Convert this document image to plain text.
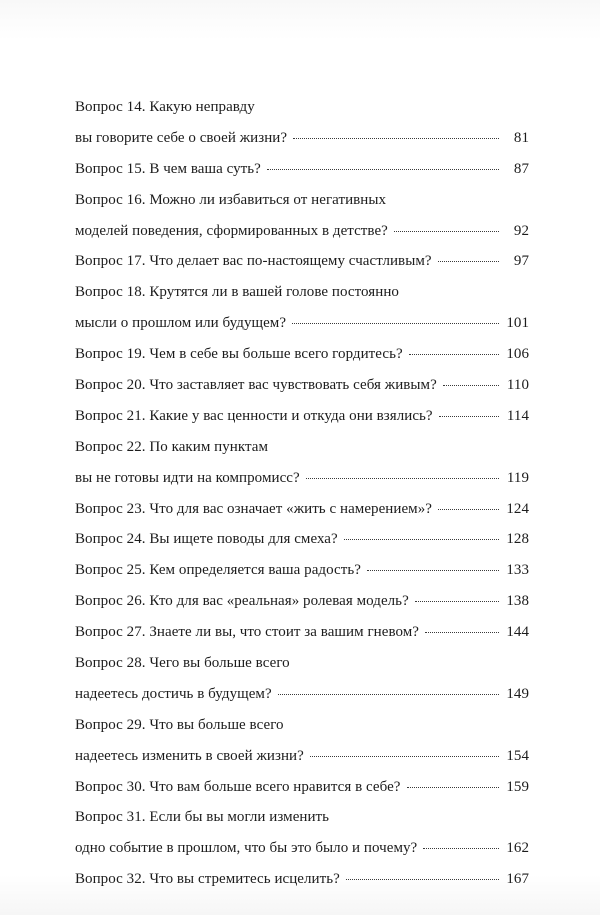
Вопрос 14. Какую неправду
вы говорите себе о своей жизни?	81
Вопрос 15. В чем ваша суть?	87
Вопрос 16. Можно ли избавиться от негативных
моделей поведения, сформированных в детстве?	92
Вопрос 17. Что делает вас по-настоящему счастливым?	97
Вопрос 18. Крутятся ли в вашей голове постоянно
мысли о прошлом или будущем?	101
Вопрос 19. Чем в себе вы больше всего гордитесь?	106
Вопрос 20. Что заставляет вас чувствовать себя живым?	110
Вопрос 21. Какие у вас ценности и откуда они взялись?	114
Вопрос 22. По каким пунктам
вы не готовы идти на компромисс?	119
Вопрос 23. Что для вас означает «жить с намерением»?	124
Вопрос 24. Вы ищете поводы для смеха?	128
Вопрос 25. Кем определяется ваша радость?	133
Вопрос 26. Кто для вас «реальная» ролевая модель?	138
Вопрос 27. Знаете ли вы, что стоит за вашим гневом?	144
Вопрос 28. Чего вы больше всего
надеетесь достичь в будущем?	149
Вопрос 29. Что вы больше всего
надеетесь изменить в своей жизни?	154
Вопрос 30. Что вам больше всего нравится в себе?	159
Вопрос 31. Если бы вы могли изменить
одно событие в прошлом, что бы это было и почему?	162
Вопрос 32. Что вы стремитесь исцелить?	167
